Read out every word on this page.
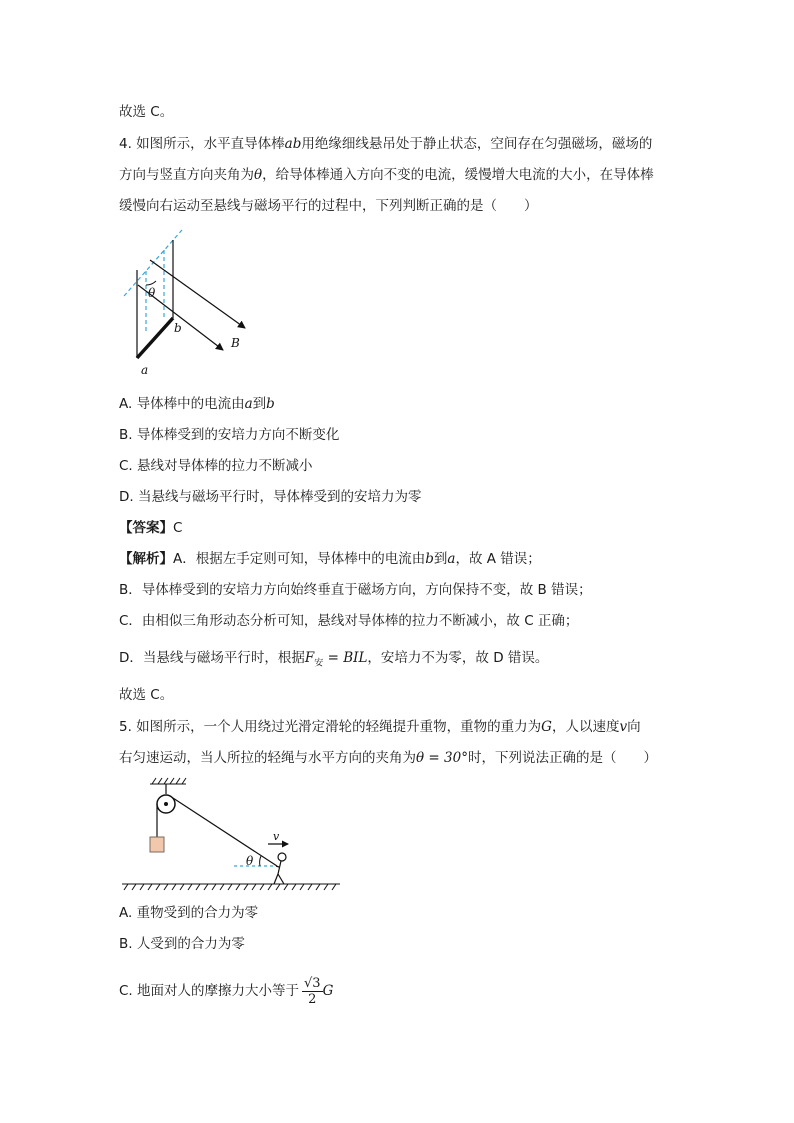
故选 C。
4. 如图所示，水平直导体棒ab用绝缘细线悬吊处于静止状态，空间存在匀强磁场，磁场的
方向与竖直方向夹角为θ，给导体棒通入方向不变的电流，缓慢增大电流的大小，在导体棒
缓慢向右运动至悬线与磁场平行的过程中，下列判断正确的是（　　）
θ
b
a
B
A. 导体棒中的电流由a到b
B. 导体棒受到的安培力方向不断变化
C. 悬线对导体棒的拉力不断减小
D. 当悬线与磁场平行时，导体棒受到的安培力为零
【答案】C
【解析】A．根据左手定则可知，导体棒中的电流由b到a，故 A 错误；
B．导体棒受到的安培力方向始终垂直于磁场方向，方向保持不变，故 B 错误；
C．由相似三角形动态分析可知，悬线对导体棒的拉力不断减小，故 C 正确；
D．当悬线与磁场平行时，根据$F_安$ = BIL，安培力不为零，故 D 错误。
故选 C。
5. 如图所示，一个人用绕过光滑定滑轮的轻绳提升重物，重物的重力为G，人以速度v向
右匀速运动，当人所拉的轻绳与水平方向的夹角为θ = 30°时，下列说法正确的是（　　）
v
θ
A. 重物受到的合力为零
B. 人受到的合力为零
C. 地面对人的摩擦力大小等于 $\frac{√3}{2}$ G
